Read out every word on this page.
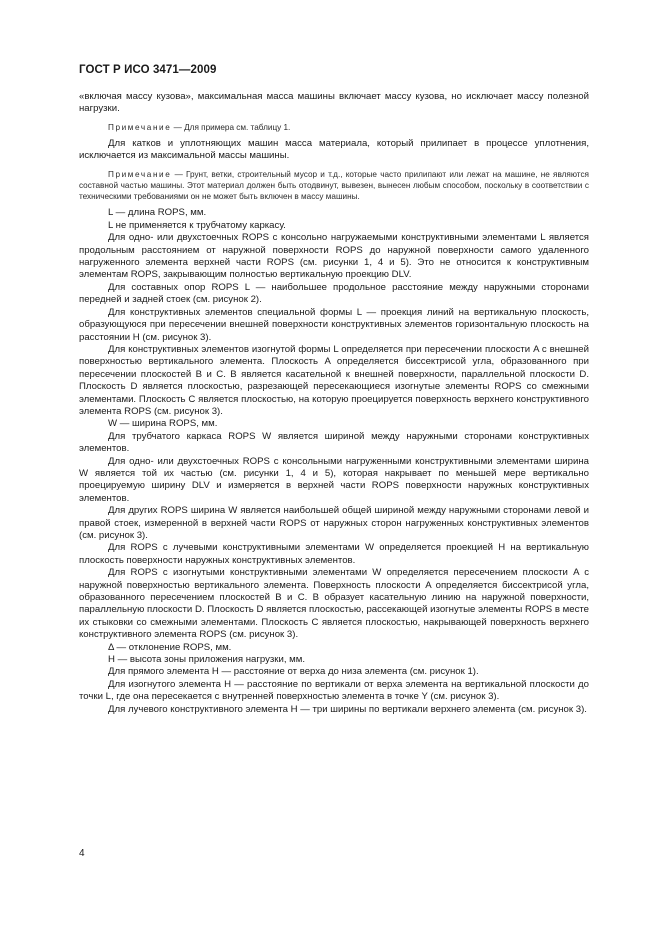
ГОСТ Р ИСО 3471—2009

«включая массу кузова», максимальная масса машины включает массу кузова, но исключает массу полезной нагрузки.

Примечание — Для примера см. таблицу 1.

Для катков и уплотняющих машин масса материала, который прилипает в процессе уплотнения, исключается из максимальной массы машины.

Примечание — Грунт, ветки, строительный мусор и т.д., которые часто прилипают или лежат на машине, не являются составной частью машины. Этот материал должен быть отодвинут, вывезен, вынесен любым способом, поскольку в соответствии с техническими требованиями он не может быть включен в массу машины.

L — длина ROPS, мм.

L не применяется к трубчатому каркасу.

Для одно- или двухстоечных ROPS с консольно нагружаемыми конструктивными элементами L является продольным расстоянием от наружной поверхности ROPS до наружной поверхности самого удаленного нагруженного элемента верхней части ROPS (см. рисунки 1, 4 и 5). Это не относится к конструктивным элементам ROPS, закрывающим полностью вертикальную проекцию DLV.

Для составных опор ROPS L — наибольшее продольное расстояние между наружными сторонами передней и задней стоек (см. рисунок 2).

Для конструктивных элементов специальной формы L — проекция линий на вертикальную плоскость, образующуюся при пересечении внешней поверхности конструктивных элементов горизонтальную плоскость на расстоянии H (см. рисунок 3).

Для конструктивных элементов изогнутой формы L определяется при пересечении плоскости A с внешней поверхностью вертикального элемента. Плоскость A определяется биссектрисой угла, образованного при пересечении плоскостей B и C. B является касательной к внешней поверхности, параллельной плоскости D. Плоскость D является плоскостью, разрезающей пересекающиеся изогнутые элементы ROPS со смежными элементами. Плоскость C является плоскостью, на которую проецируется поверхность верхнего конструктивного элемента ROPS (см. рисунок 3).

W — ширина ROPS, мм.

Для трубчатого каркаса ROPS W является шириной между наружными сторонами конструктивных элементов.

Для одно- или двухстоечных ROPS с консольными нагруженными конструктивными элементами ширина W является той их частью (см. рисунки 1, 4 и 5), которая накрывает по меньшей мере вертикально проецируемую ширину DLV и измеряется в верхней части ROPS поверхности наружных конструктивных элементов.

Для других ROPS ширина W является наибольшей общей шириной между наружными сторонами левой и правой стоек, измеренной в верхней части ROPS от наружных сторон нагруженных конструктивных элементов (см. рисунок 3).

Для ROPS с лучевыми конструктивными элементами W определяется проекцией H на вертикальную плоскость поверхности наружных конструктивных элементов.

Для ROPS с изогнутыми конструктивными элементами W определяется пересечением плоскости A с наружной поверхностью вертикального элемента. Поверхность плоскости A определяется биссектрисой угла, образованного пересечением плоскостей B и C. В образует касательную линию на наружной поверхности, параллельную плоскости D. Плоскость D является плоскостью, рассекающей изогнутые элементы ROPS в месте их стыковки со смежными элементами. Плоскость C является плоскостью, накрывающей поверхность верхнего конструктивного элемента ROPS (см. рисунок 3).

Δ — отклонение ROPS, мм.

H — высота зоны приложения нагрузки, мм.

Для прямого элемента H — расстояние от верха до низа элемента (см. рисунок 1).

Для изогнутого элемента H — расстояние по вертикали от верха элемента на вертикальной плоскости до точки L, где она пересекается с внутренней поверхностью элемента в точке Y (см. рисунок 3).

Для лучевого конструктивного элемента H — три ширины по вертикали верхнего элемента (см. рисунок 3).

4
